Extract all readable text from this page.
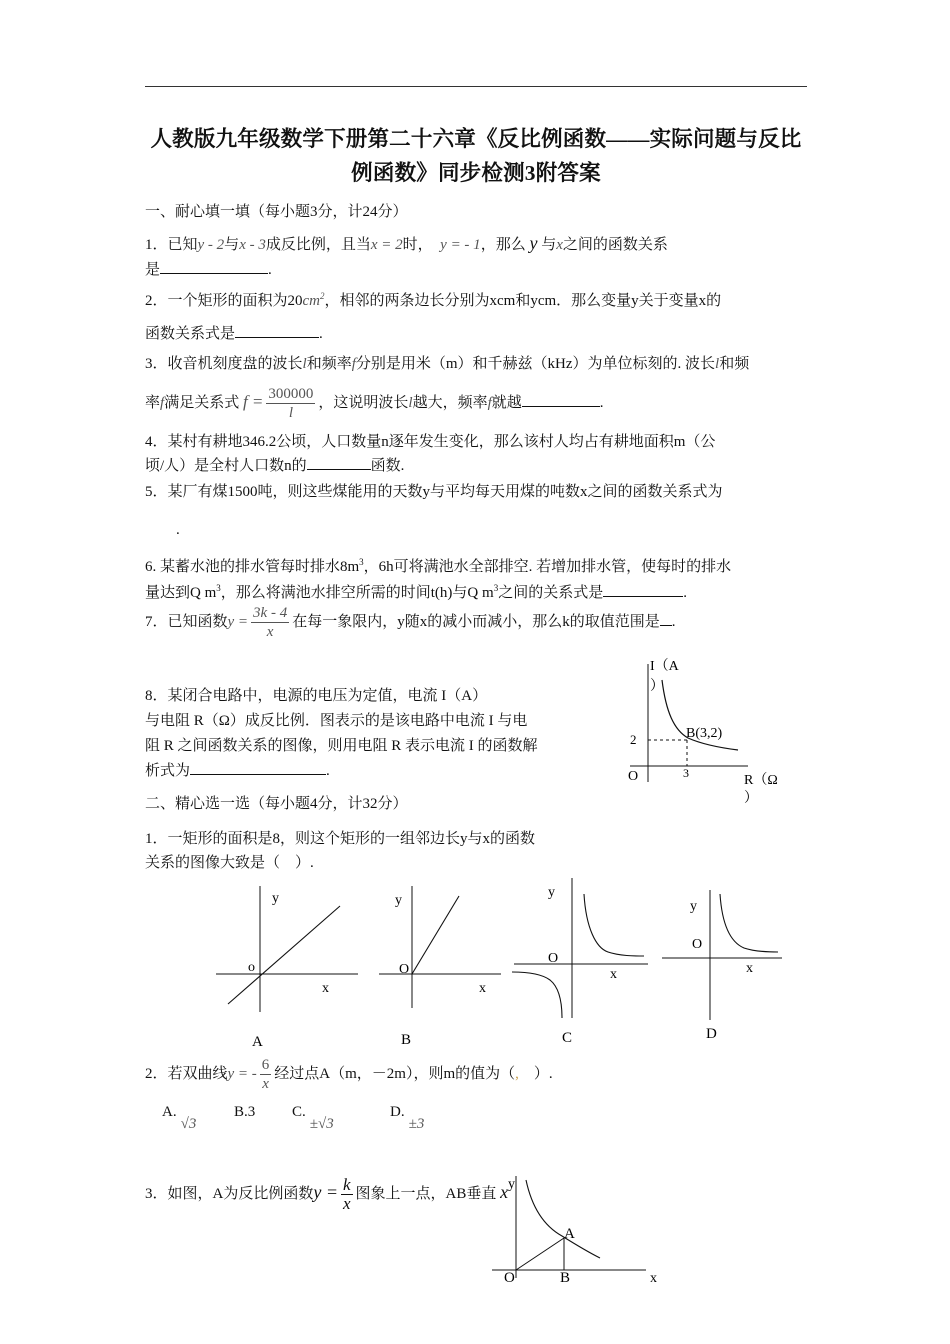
人教版九年级数学下册第二十六章《反比例函数——实际问题与反比
例函数》同步检测3附答案
一、耐心填一填（每小题3分，计24分）
1．已知y - 2与x - 3成反比例，且当x = 2时， y = - 1，那么 y 与x之间的函数关系
是	.
2．一个矩形的面积为$20cm^2$，相邻的两条边长分别为xcm和ycm．那么变量y关于变量x的
函数关系式是	.
3．收音机刻度盘的波长l和频率f分别是用米（m）和千赫兹（kHz）为单位标刻的. 波长l和频
率f满足关系式 $f = \frac{300000}{l}$ ，这说明波长l越大，频率f就越	.
4．某村有耕地346.2公顷，人口数量n逐年发生变化，那么该村人均占有耕地面积m（公
顷/人）是全村人口数n的	函数.
5．某厂有煤1500吨，则这些煤能用的天数y与平均每天用煤的吨数x之间的函数关系式为
.
6. 某蓄水池的排水管每时排水$8m^3$，6h可将满池水全部排空. 若增加排水管，使每时的排水
量达到Q $m^3$，那么将满池水排空所需的时间t(h)与Q $m^3$之间的关系式是	.
7．已知函数$y = \frac{3k - 4}{x}$ 在每一象限内，y随x的减小而减小，那么k的取值范围是 .
8．某闭合电路中，电源的电压为定值，电流 I（A）
与电阻 R（Ω）成反比例．图表示的是该电路中电流 I 与电
阻 R 之间函数关系的图像，则用电阻 R 表示电流 I 的函数解
析式为	.
I（A
）
2
3
B(3,2)
O	R（Ω
）
二、精心选一选（每小题4分，计32分）
1．一矩形的面积是8，则这个矩形的一组邻边长y与x的函数
关系的图像大致是（　）.
y
x
o
A
y
x
O
B
y
x
O
C
y
x
O
D
2．若双曲线y = - $\frac{6}{x}$ 经过点A（m，－2m），则m的值为（,　）.
A.√3
B.3 C.±√3
D.±3
3．如图，A为反比例函数$y = \frac{k}{x}$ 图象上一点，AB垂直 x y
x
O
A
B
